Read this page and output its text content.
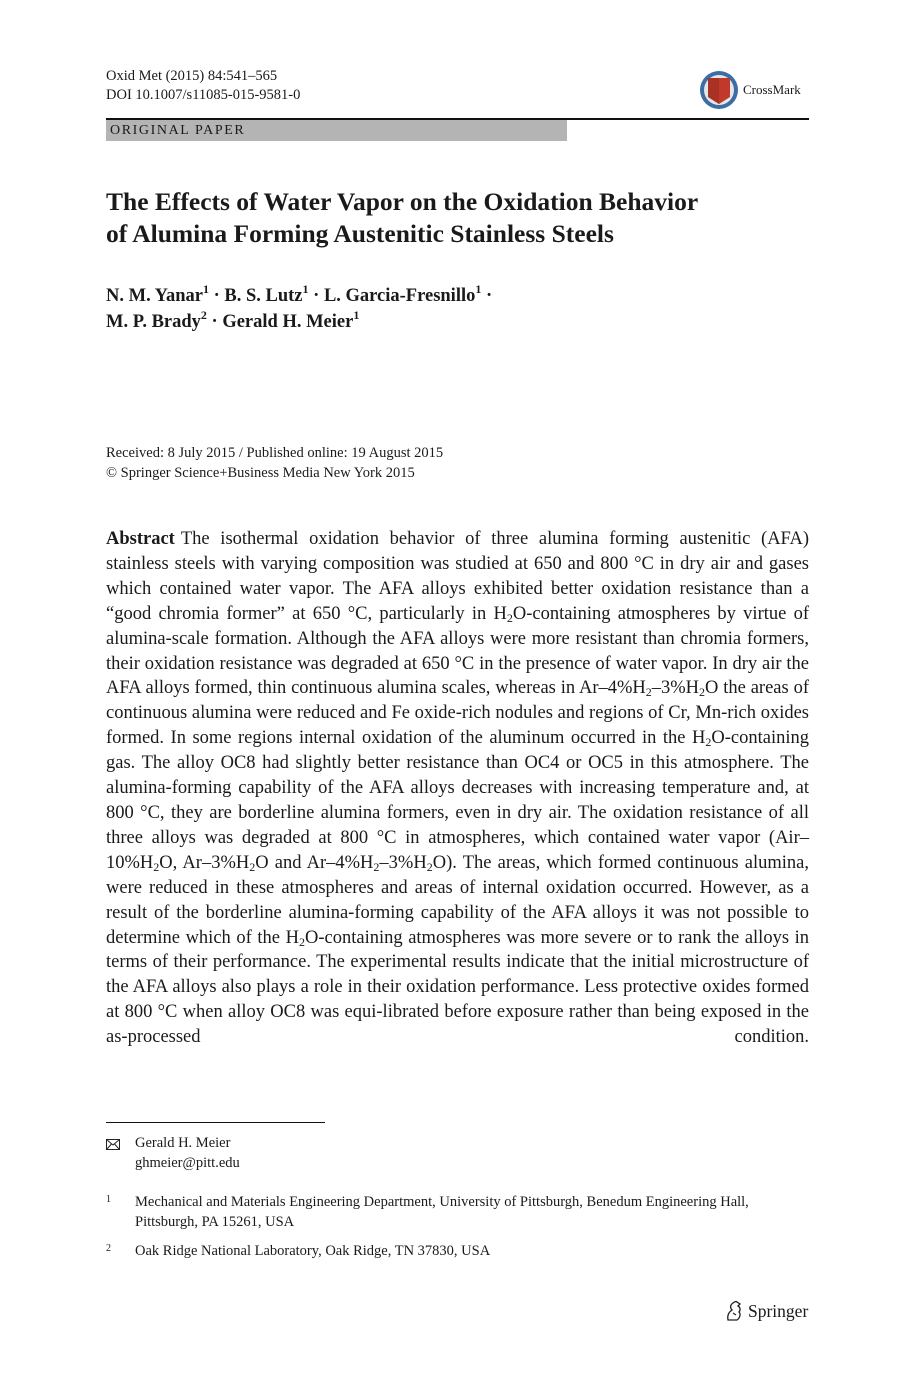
Oxid Met (2015) 84:541–565
DOI 10.1007/s11085-015-9581-0	CrossMark
ORIGINAL PAPER
The Effects of Water Vapor on the Oxidation Behavior
of Alumina Forming Austenitic Stainless Steels
N. M. Yanar$^1$ · B. S. Lutz$^1$ · L. Garcia-Fresnillo$^1$ ·
M. P. Brady$^2$ · Gerald H. Meier$^1$
Received: 8 July 2015 / Published online: 19 August 2015
© Springer Science+Business Media New York 2015
Abstract The isothermal oxidation behavior of three alumina forming austenitic (AFA) stainless steels with varying composition was studied at 650 and 800 °C in dry air and gases which contained water vapor. The AFA alloys exhibited better oxidation resistance than a “good chromia former” at 650 °C, particularly in $H_2O$-containing atmospheres by virtue of alumina-scale formation. Although the AFA alloys were more resistant than chromia formers, their oxidation resistance was degraded at 650 °C in the presence of water vapor. In dry air the AFA alloys formed, thin continuous alumina scales, whereas in $Ar-4\%H_2-3\%H_2O$ the areas of continuous alumina were reduced and Fe oxide-rich nodules and regions of Cr, Mn-rich oxides formed. In some regions internal oxidation of the aluminum occurred in the $H_2O$-containing gas. The alloy OC8 had slightly better resistance than OC4 or OC5 in this atmosphere. The alumina-forming capability of the AFA alloys decreases with increasing temperature and, at 800 °C, they are borderline alumina formers, even in dry air. The oxidation resistance of all three alloys was degraded at 800 °C in atmospheres, which contained water vapor ($Air-10\%H_2O$, $Ar-3\%H_2O$ and $Ar-4\%H_2-3\%H_2O$). The areas, which formed continuous alumina, were reduced in these atmospheres and areas of internal oxidation occurred. However, as a result of the borderline alumina-forming capability of the AFA alloys it was not possible to determine which of the $H_2O$-containing atmospheres was more severe or to rank the alloys in terms of their performance. The experimental results indicate that the initial microstructure of the AFA alloys also plays a role in their oxidation performance. Less protective oxides formed at 800 °C when alloy OC8 was equi-librated before exposure rather than being exposed in the as-processed condition.
Gerald H. Meier
ghmeier@pitt.edu
1	Mechanical and Materials Engineering Department, University of Pittsburgh, Benedum Engineering Hall, Pittsburgh, PA 15261, USA
2	Oak Ridge National Laboratory, Oak Ridge, TN 37830, USA
Springer
